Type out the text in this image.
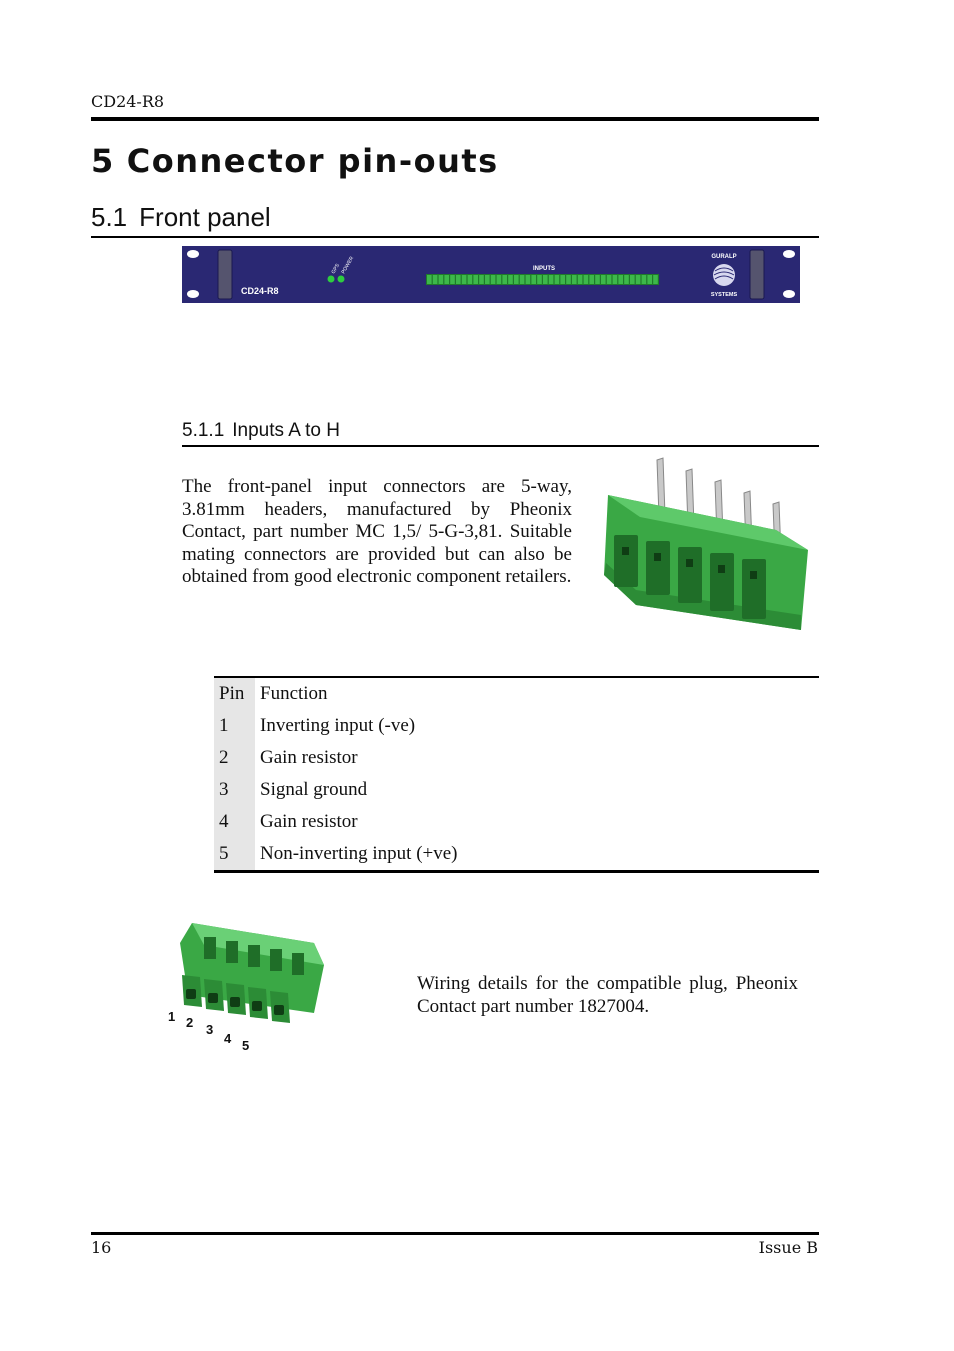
CD24-R8
5 Connector pin-outs
5.1 Front panel
GPS POWER	INPUTS
CD24-R8
GURALP
SYSTEMS
5.1.1 Inputs A to H
The front-panel input connectors are 5-way, 3.81mm headers, manufactured by Pheonix Contact, part number MC 1,5/ 5-G-3,81. Suitable mating connectors are provided but can also be obtained from good electronic component retailers.
Pin	Function
1	Inverting input (-ve)
2	Gain resistor
3	Signal ground
4	Gain resistor
5	Non-inverting input (+ve)
1 2 3
4 5
Wiring details for the compatible plug, Pheonix Contact part number 1827004.
16	Issue B
